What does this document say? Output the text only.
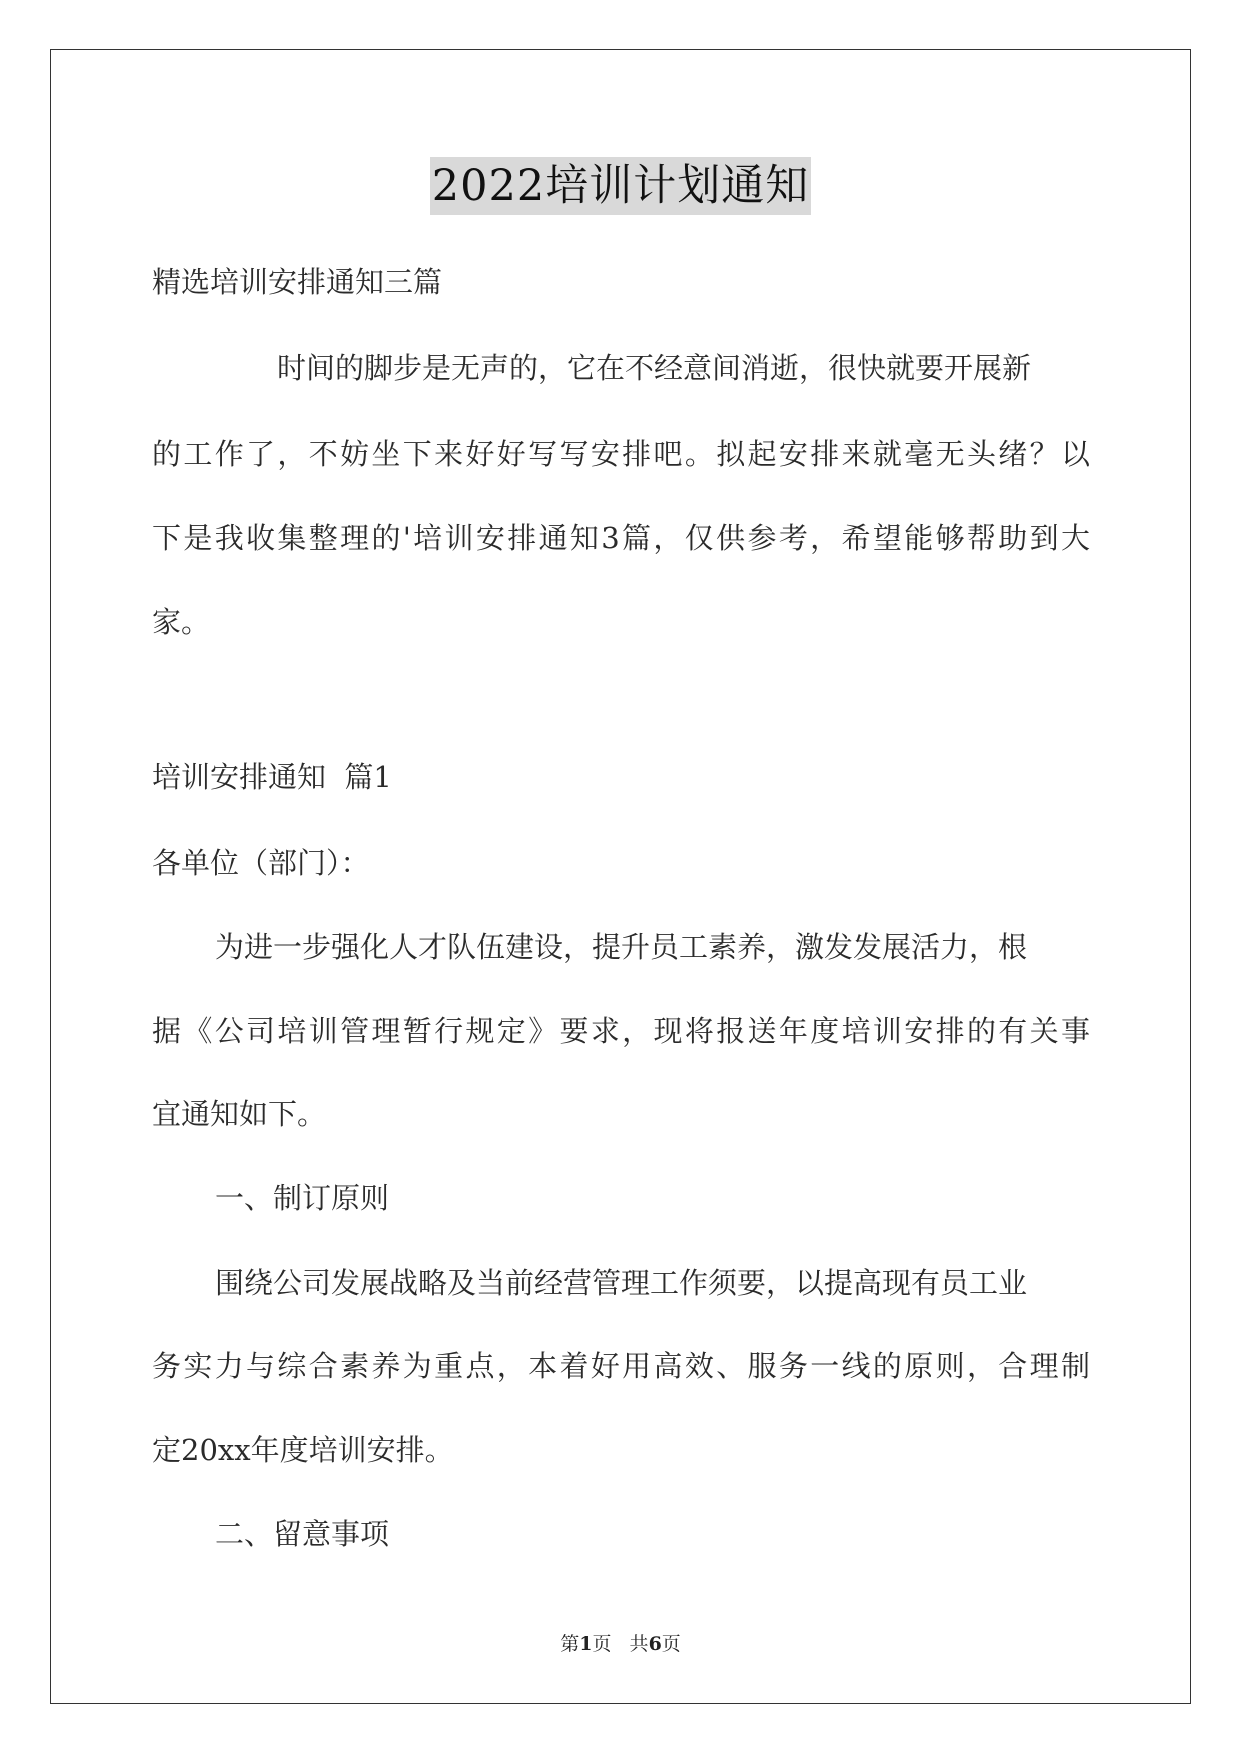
2022培训计划通知
精选培训安排通知三篇
时间的脚步是无声的，它在不经意间消逝，很快就要开展新
的工作了，不妨坐下来好好写写安排吧。拟起安排来就毫无头绪？以
下是我收集整理的'培训安排通知3篇，仅供参考，希望能够帮助到大
家。
培训安排通知  篇1
各单位（部门）：
为进一步强化人才队伍建设，提升员工素养，激发发展活力，根
据《公司培训管理暂行规定》要求，现将报送年度培训安排的有关事
宜通知如下。
一、制订原则
围绕公司发展战略及当前经营管理工作须要，以提高现有员工业
务实力与综合素养为重点，本着好用高效、服务一线的原则，合理制
定20xx年度培训安排。
二、留意事项
第1页   共6页
